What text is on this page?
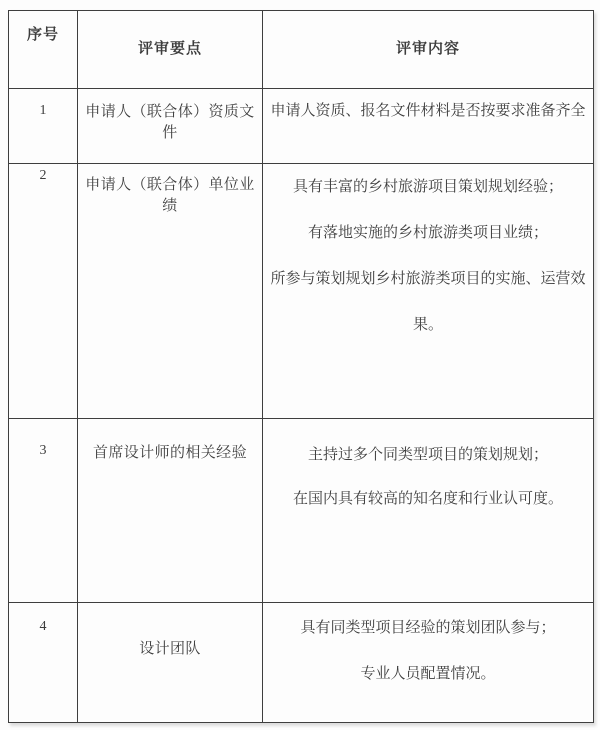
序号	评审要点	评审内容
1	申请人（联合体）资质文件	申请人资质、报名文件材料是否按要求准备齐全

2	申请人（联合体）单位业绩	具有丰富的乡村旅游项目策划规划经验；

有落地实施的乡村旅游类项目业绩；

所参与策划规划乡村旅游类项目的实施、运营效果。

3	首席设计师的相关经验	主持过多个同类型项目的策划规划；

在国内具有较高的知名度和行业认可度。

4	设计团队	具有同类型项目经验的策划团队参与；

专业人员配置情况。
